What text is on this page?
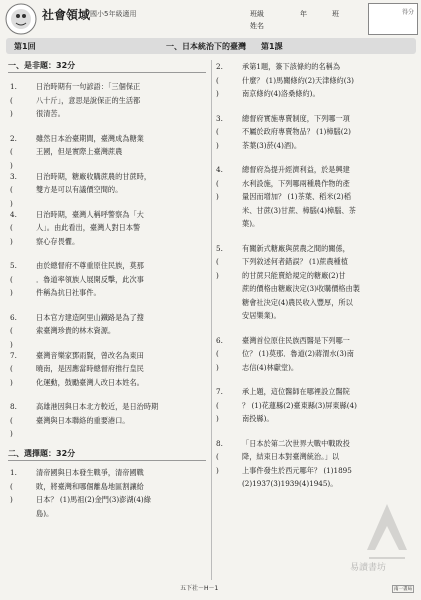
社會領域 國小5年級適用	班級	年	班
姓名
得分
第1回	一、日本統治下的臺灣 第1課
一、是非題：32分
1.( )
日治時期有一句諺語：「三個保正
八十斤」，意思是說保正的生活都
很清苦。
2.( )
雖然日本治臺期間，臺灣成為糖業
王國，但是實際上臺灣蔗農
3.( )
日治時期，糖廠收購蔗農的甘蔗時，
雙方是可以有議價空間的。
4.( )
日治時期，臺灣人稱呼警察為「大
人」。由此看出，臺灣人對日本警
察心存畏懼。
5.( )
由於總督府不尊重原住民族，莫那
．魯道率領族人展開反擊，此次事
件稱為抗日社事件。
6.( )
日本官方建造阿里山鐵路是為了搜
索臺灣珍貴的林木資源。
7.( )
臺灣音樂家鄧雨賢，曾改名為東田
曉南，是因應當時總督府推行皇民
化運動，鼓勵臺灣人改日本姓名。
8.( )
高雄港因與日本北方較近，是日治時期
臺灣與日本聯絡的重要港口。
二、選擇題：32分
1.( )
清帝國與日本發生戰爭，清帝國戰
敗，將臺灣和哪個離島地區割讓給
日本？ (1)馬祖(2)金門(3)澎湖(4)綠
島)。
2.( )
承第1題，簽下該條約的名稱為
什麼？ (1)馬關條約(2)天津條約(3)
南京條約(4)洛桑條約)。
3.( )
總督府實施專賣制度，下列哪一項
不屬於政府專賣物品？ (1)樟腦(2)
茶葉(3)菸(4)酒)。
4.( )
總督府為提升經濟利益，於是興建
水利設施，下列哪兩種農作物的產
量因而增加？ (1)茶葉、稻米(2)稻
米、甘蔗(3)甘蔗、樟腦(4)樟腦、茶
葉)。
5.( )
有關新式糖廠與蔗農之間的關係，
下列敘述何者錯誤？ (1)蔗農種植
的甘蔗只能賣給規定的糖廠(2)甘
蔗的價格由糖廠決定(3)收購價格由製
糖會社決定(4)農民收入豐厚，所以
安居樂業)。
6.( )
臺灣首位原住民族西醫是下列哪一
位？ (1)莫那．魯道(2)蔣渭水(3)南
志信(4)林獻堂)。
7.( )
承上題，這位醫師在哪裡設立醫院
？ (1)花蓮縣(2)臺東縣(3)屏東縣(4)
南投縣)。
8.( )
「日本於第二次世界大戰中戰敗投
降，結束日本對臺灣統治。」以
上事件發生於西元哪年？ (1)1895
(2)1937(3)1939(4)1945)。
易讀書坊
五下社－H－1	南一書局
